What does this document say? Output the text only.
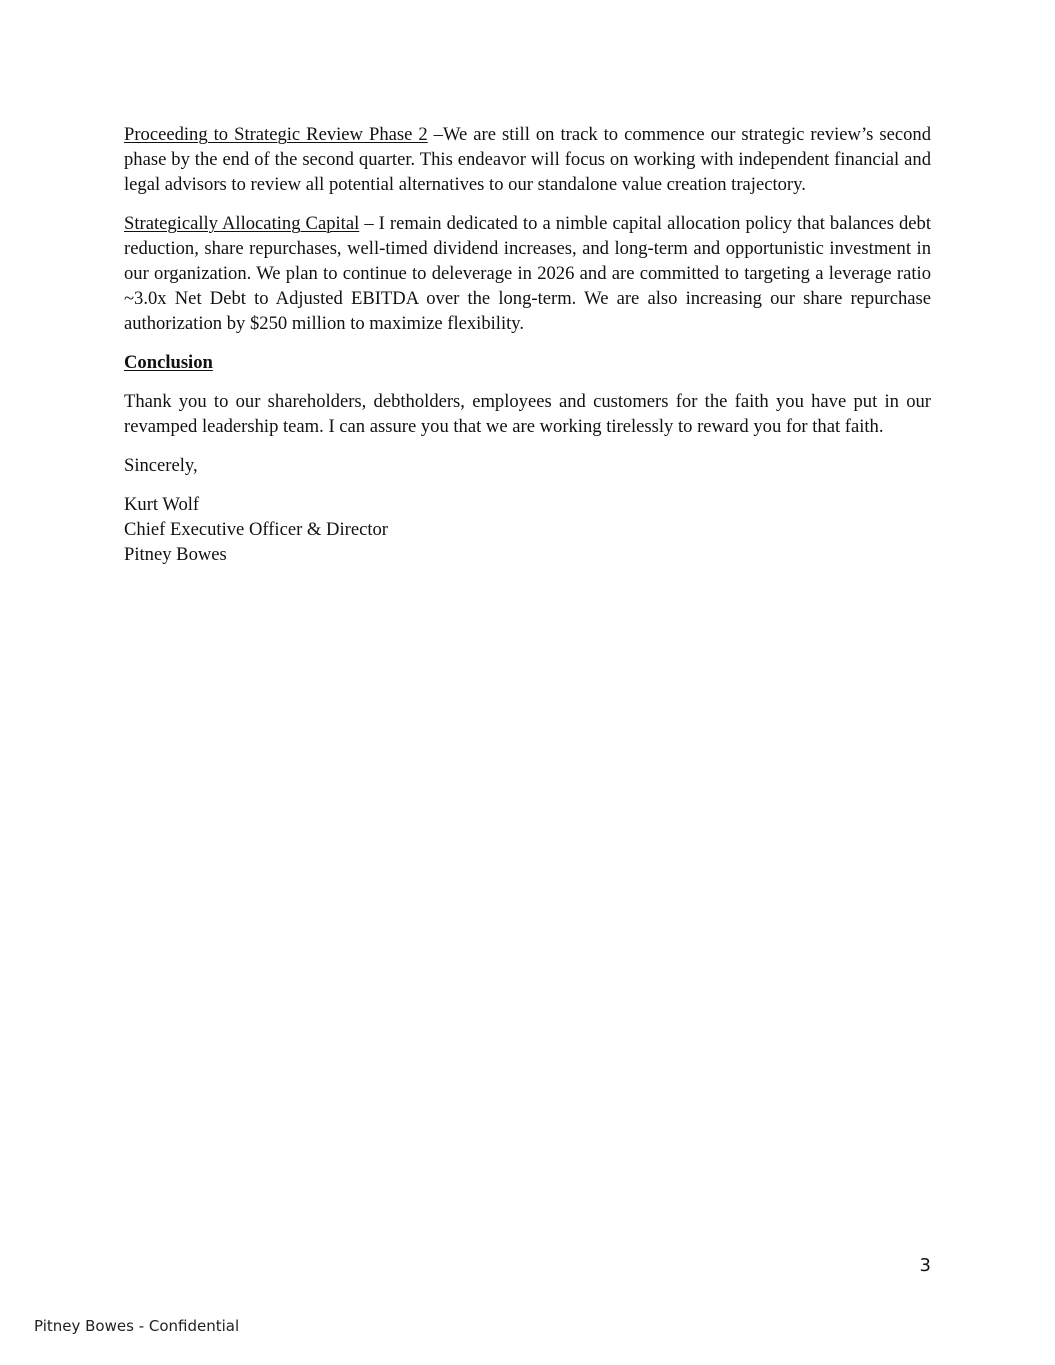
Proceeding to Strategic Review Phase 2 –We are still on track to commence our strategic review’s second phase by the end of the second quarter. This endeavor will focus on working with independent financial and legal advisors to review all potential alternatives to our standalone value creation trajectory.

Strategically Allocating Capital – I remain dedicated to a nimble capital allocation policy that balances debt reduction, share repurchases, well-timed dividend increases, and long-term and opportunistic investment in our organization. We plan to continue to deleverage in 2026 and are committed to targeting a leverage ratio ~3.0x Net Debt to Adjusted EBITDA over the long-term. We are also increasing our share repurchase authorization by $250 million to maximize flexibility.

Conclusion

Thank you to our shareholders, debtholders, employees and customers for the faith you have put in our revamped leadership team. I can assure you that we are working tirelessly to reward you for that faith.

Sincerely,

Kurt Wolf
Chief Executive Officer & Director
Pitney Bowes
3
Pitney Bowes - Confidential
